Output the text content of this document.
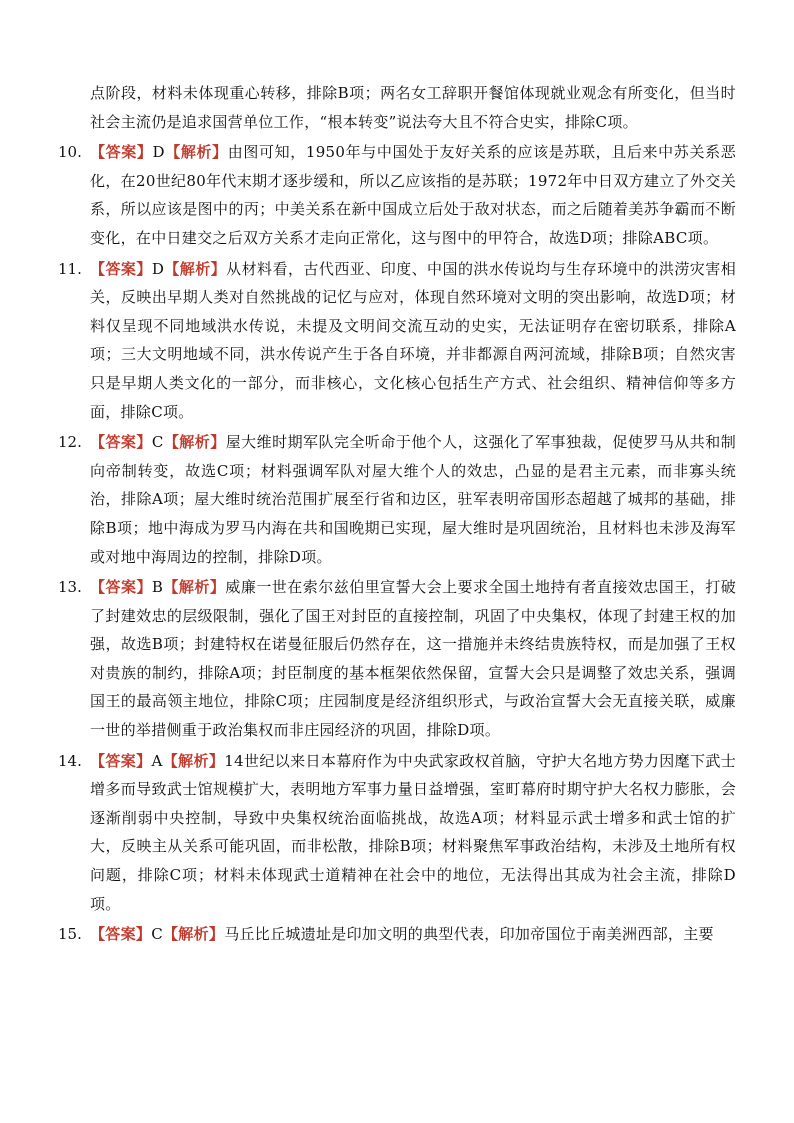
点阶段，材料未体现重心转移，排除B项；两名女工辞职开餐馆体现就业观念有所变化，但当时社会主流仍是追求国营单位工作，“根本转变”说法夸大且不符合史实，排除C项。

10. 【答案】D【解析】由图可知，1950年与中国处于友好关系的应该是苏联，且后来中苏关系恶化，在20世纪80年代末期才逐步缓和，所以乙应该指的是苏联；1972年中日双方建立了外交关系，所以应该是图中的丙；中美关系在新中国成立后处于敌对状态，而之后随着美苏争霸而不断变化，在中日建交之后双方关系才走向正常化，这与图中的甲符合，故选D项；排除ABC项。

11. 【答案】D【解析】从材料看，古代西亚、印度、中国的洪水传说均与生存环境中的洪涝灾害相关，反映出早期人类对自然挑战的记忆与应对，体现自然环境对文明的突出影响，故选D项；材料仅呈现不同地域洪水传说，未提及文明间交流互动的史实，无法证明存在密切联系，排除A项；三大文明地域不同，洪水传说产生于各自环境，并非都源自两河流域，排除B项；自然灾害只是早期人类文化的一部分，而非核心，文化核心包括生产方式、社会组织、精神信仰等多方面，排除C项。

12. 【答案】C【解析】屋大维时期军队完全听命于他个人，这强化了军事独裁，促使罗马从共和制向帝制转变，故选C项；材料强调军队对屋大维个人的效忠，凸显的是君主元素，而非寡头统治，排除A项；屋大维时统治范围扩展至行省和边区，驻军表明帝国形态超越了城邦的基础，排除B项；地中海成为罗马内海在共和国晚期已实现，屋大维时是巩固统治，且材料也未涉及海军或对地中海周边的控制，排除D项。

13. 【答案】B【解析】威廉一世在索尔兹伯里宣誓大会上要求全国土地持有者直接效忠国王，打破了封建效忠的层级限制，强化了国王对封臣的直接控制，巩固了中央集权，体现了封建王权的加强，故选B项；封建特权在诺曼征服后仍然存在，这一措施并未终结贵族特权，而是加强了王权对贵族的制约，排除A项；封臣制度的基本框架依然保留，宣誓大会只是调整了效忠关系，强调国王的最高领主地位，排除C项；庄园制度是经济组织形式，与政治宣誓大会无直接关联，威廉一世的举措侧重于政治集权而非庄园经济的巩固，排除D项。

14. 【答案】A【解析】14世纪以来日本幕府作为中央武家政权首脑，守护大名地方势力因麾下武士增多而导致武士馆规模扩大，表明地方军事力量日益增强，室町幕府时期守护大名权力膨胀，会逐渐削弱中央控制，导致中央集权统治面临挑战，故选A项；材料显示武士增多和武士馆的扩大，反映主从关系可能巩固，而非松散，排除B项；材料聚焦军事政治结构，未涉及土地所有权问题，排除C项；材料未体现武士道精神在社会中的地位，无法得出其成为社会主流，排除D项。

15. 【答案】C【解析】马丘比丘城遗址是印加文明的典型代表，印加帝国位于南美洲西部，主要
